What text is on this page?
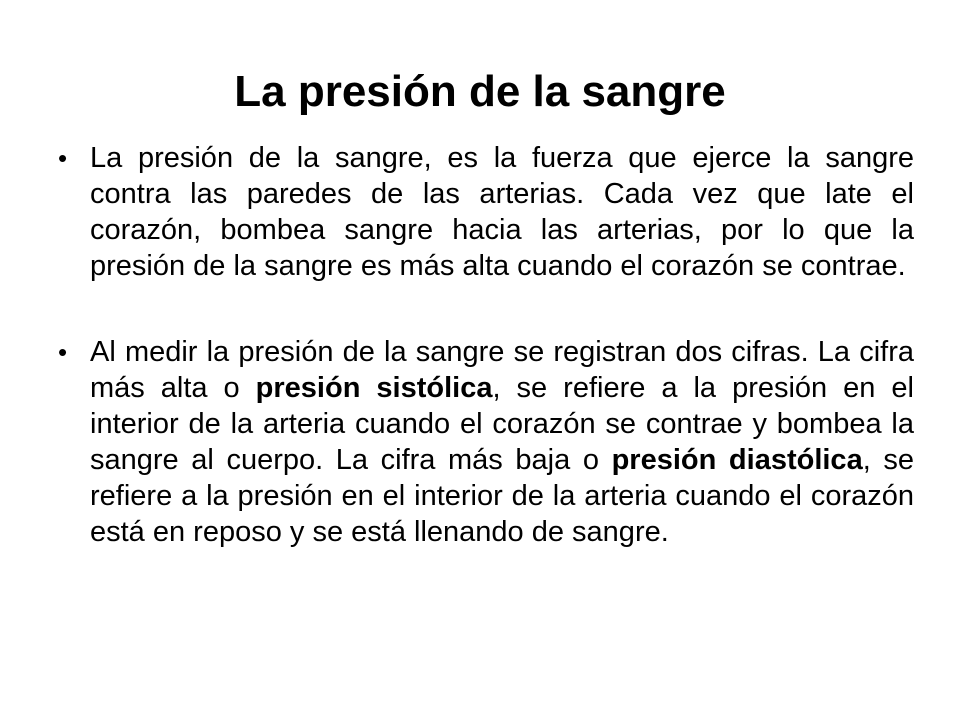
La presión de la sangre
• La presión de la sangre, es la fuerza que ejerce la sangre contra las paredes de las arterias. Cada vez que late el corazón, bombea sangre hacia las arterias, por lo que la presión de la sangre es más alta cuando el corazón se contrae.
• Al medir la presión de la sangre se registran dos cifras. La cifra más alta o presión sistólica, se refiere a la presión en el interior de la arteria cuando el corazón se contrae y bombea la sangre al cuerpo. La cifra más baja o presión diastólica, se refiere a la presión en el interior de la arteria cuando el corazón está en reposo y se está llenando de sangre.
